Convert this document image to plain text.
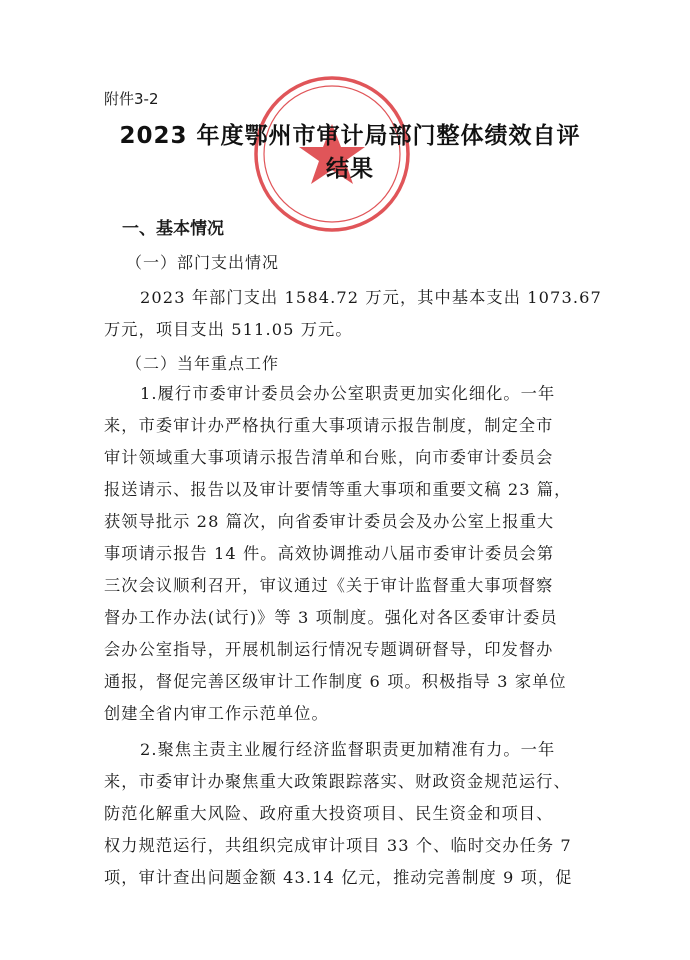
附件3-2
2023 年度鄂州市审计局部门整体绩效自评
结果
一、基本情况
（一）部门支出情况
2023 年部门支出 1584.72 万元，其中基本支出 1073.67
万元，项目支出 511.05 万元。
（二）当年重点工作
1.履行市委审计委员会办公室职责更加实化细化。一年
来，市委审计办严格执行重大事项请示报告制度，制定全市
审计领域重大事项请示报告清单和台账，向市委审计委员会
报送请示、报告以及审计要情等重大事项和重要文稿 23 篇，
获领导批示 28 篇次，向省委审计委员会及办公室上报重大
事项请示报告 14 件。高效协调推动八届市委审计委员会第
三次会议顺利召开，审议通过《关于审计监督重大事项督察
督办工作办法(试行)》等 3 项制度。强化对各区委审计委员
会办公室指导，开展机制运行情况专题调研督导，印发督办
通报，督促完善区级审计工作制度 6 项。积极指导 3 家单位
创建全省内审工作示范单位。
2.聚焦主责主业履行经济监督职责更加精准有力。一年
来，市委审计办聚焦重大政策跟踪落实、财政资金规范运行、
防范化解重大风险、政府重大投资项目、民生资金和项目、
权力规范运行，共组织完成审计项目 33 个、临时交办任务 7
项，审计查出问题金额 43.14 亿元，推动完善制度 9 项，促
